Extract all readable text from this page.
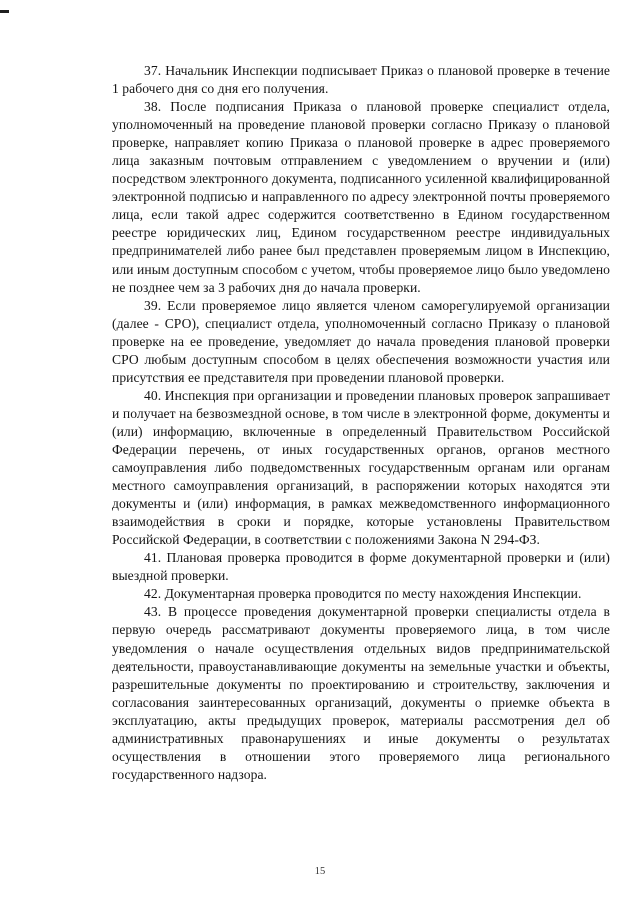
37. Начальник Инспекции подписывает Приказ о плановой проверке в течение 1 рабочего дня со дня его получения.

38. После подписания Приказа о плановой проверке специалист отдела, уполномоченный на проведение плановой проверки согласно Приказу о плановой проверке, направляет копию Приказа о плановой проверке в адрес проверяемого лица заказным почтовым отправлением с уведомлением о вручении и (или) посредством электронного документа, подписанного усиленной квалифицированной электронной подписью и направленного по адресу электронной почты проверяемого лица, если такой адрес содержится соответственно в Едином государственном реестре юридических лиц, Едином государственном реестре индивидуальных предпринимателей либо ранее был представлен проверяемым лицом в Инспекцию, или иным доступным способом с учетом, чтобы проверяемое лицо было уведомлено не позднее чем за 3 рабочих дня до начала проверки.

39. Если проверяемое лицо является членом саморегулируемой организации (далее - СРО), специалист отдела, уполномоченный согласно Приказу о плановой проверке на ее проведение, уведомляет до начала проведения плановой проверки СРО любым доступным способом в целях обеспечения возможности участия или присутствия ее представителя при проведении плановой проверки.

40. Инспекция при организации и проведении плановых проверок запрашивает и получает на безвозмездной основе, в том числе в электронной форме, документы и (или) информацию, включенные в определенный Правительством Российской Федерации перечень, от иных государственных органов, органов местного самоуправления либо подведомственных государственным органам или органам местного самоуправления организаций, в распоряжении которых находятся эти документы и (или) информация, в рамках межведомственного информационного взаимодействия в сроки и порядке, которые установлены Правительством Российской Федерации, в соответствии с положениями Закона N 294-ФЗ.

41. Плановая проверка проводится в форме документарной проверки и (или) выездной проверки.

42. Документарная проверка проводится по месту нахождения Инспекции.

43. В процессе проведения документарной проверки специалисты отдела в первую очередь рассматривают документы проверяемого лица, в том числе уведомления о начале осуществления отдельных видов предпринимательской деятельности, правоустанавливающие документы на земельные участки и объекты, разрешительные документы по проектированию и строительству, заключения и согласования заинтересованных организаций, документы о приемке объекта в эксплуатацию, акты предыдущих проверок, материалы рассмотрения дел об административных правонарушениях и иные документы о результатах осуществления в отношении этого проверяемого лица регионального государственного надзора.

15
